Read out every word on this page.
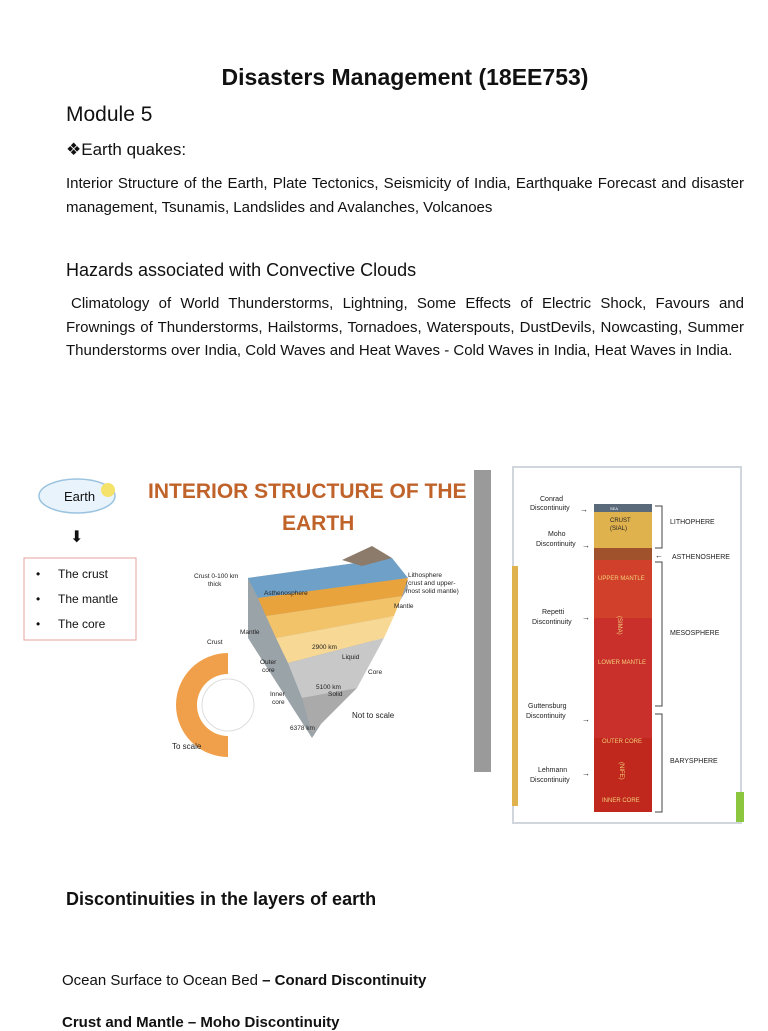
Disasters Management (18EE753)
Module 5
❖Earth quakes:
Interior Structure of the Earth, Plate Tectonics, Seismicity of India, Earthquake Forecast and disaster management, Tsunamis, Landslides and Avalanches, Volcanoes
Hazards associated with Convective Clouds
Climatology of World Thunderstorms, Lightning, Some Effects of Electric Shock, Favours and Frownings of Thunderstorms, Hailstorms, Tornadoes, Waterspouts, DustDevils, Nowcasting, Summer Thunderstorms over India, Cold Waves and Heat Waves - Cold Waves in India, Heat Waves in India.
Earth
⬇
• The crust
• The mantle
• The core
INTERIOR STRUCTURE OF THE
EARTH
Crust 0-100 km
thick
Lithosphere
(crust and upper-
most solid mantle)
Asthenosphere
Mantle
Mantle
Crust
2900 km
Liquid
Outer
core	Core
5100 km
Inner
core
Solid
Not to scale
6378 km
To scale
SEA
CRUST
(SIAL)
UPPER MANTLE
(SIMA)
LOWER MANTLE
OUTER CORE
(NIFE)
INNER CORE
Conrad
Discontinuity →
Moho
Discontinuity →
Repetti
Discontinuity
→
Guttensburg
Discontinuity →
Lehmann
Discontinuity
→
LITHOPHERE
← ASTHENOSHERE
MESOSPHERE
BARYSPHERE
Discontinuities in the layers of earth
Ocean Surface to Ocean Bed – Conard Discontinuity
Crust and Mantle – Moho Discontinuity
